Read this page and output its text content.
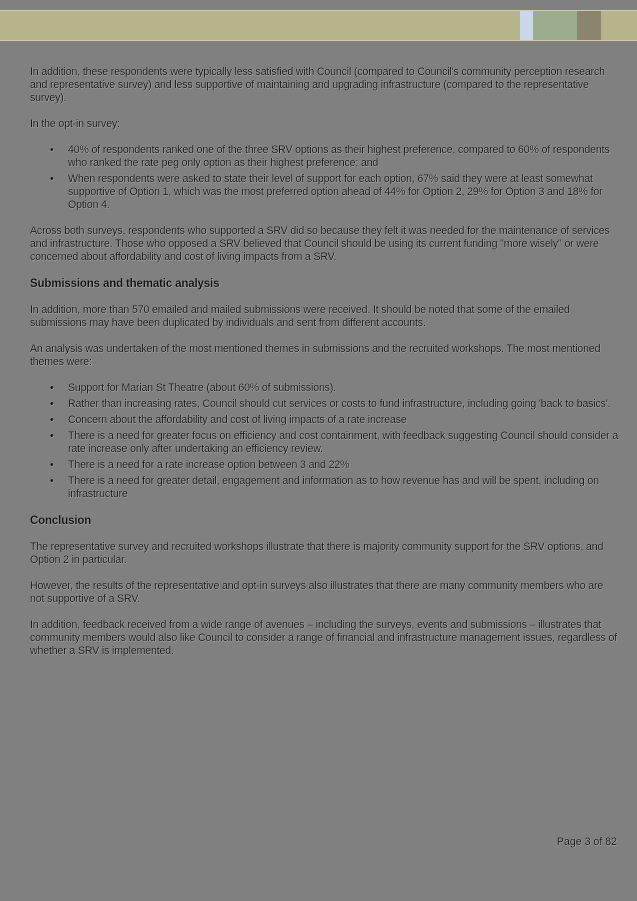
In addition, these respondents were typically less satisfied with Council (compared to Council's community perception research and representative survey) and less supportive of maintaining and upgrading infrastructure (compared to the representative survey).

In the opt-in survey:

• 40% of respondents ranked one of the three SRV options as their highest preference, compared to 60% of respondents who ranked the rate peg only option as their highest preference; and
• When respondents were asked to state their level of support for each option, 67% said they were at least somewhat supportive of Option 1, which was the most preferred option ahead of 44% for Option 2, 29% for Option 3 and 18% for Option 4.

Across both surveys, respondents who supported a SRV did so because they felt it was needed for the maintenance of services and infrastructure. Those who opposed a SRV believed that Council should be using its current funding "more wisely" or were concerned about affordability and cost of living impacts from a SRV.

Submissions and thematic analysis

In addition, more than 570 emailed and mailed submissions were received. It should be noted that some of the emailed submissions may have been duplicated by individuals and sent from different accounts.

An analysis was undertaken of the most mentioned themes in submissions and the recruited workshops. The most mentioned themes were:

• Support for Marian St Theatre (about 60% of submissions).
• Rather than increasing rates, Council should cut services or costs to fund infrastructure, including going 'back to basics'.
• Concern about the affordability and cost of living impacts of a rate increase
• There is a need for greater focus on efficiency and cost containment, with feedback suggesting Council should consider a rate increase only after undertaking an efficiency review.
• There is a need for a rate increase option between 3 and 22%
• There is a need for greater detail, engagement and information as to how revenue has and will be spent, including on infrastructure
Conclusion

The representative survey and recruited workshops illustrate that there is majority community support for the SRV options, and Option 2 in particular.

However, the results of the representative and opt-in surveys also illustrates that there are many community members who are not supportive of a SRV.

In addition, feedback received from a wide range of avenues – including the surveys, events and submissions – illustrates that community members would also like Council to consider a range of financial and infrastructure management issues, regardless of whether a SRV is implemented.

Page 3 of 82
